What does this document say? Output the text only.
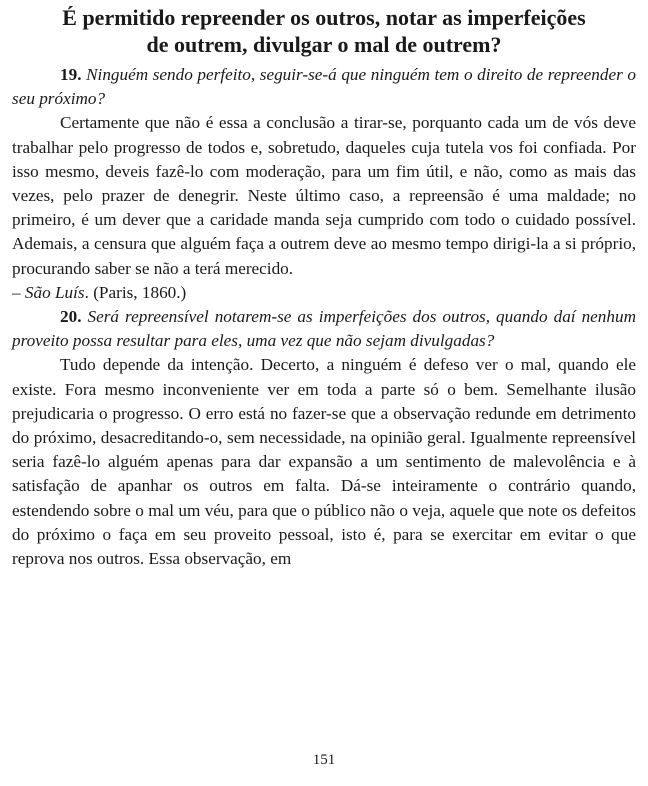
É permitido repreender os outros, notar as imperfeições
de outrem, divulgar o mal de outrem?

19. Ninguém sendo perfeito, seguir-se-á que ninguém tem o direito de repreender o seu próximo?

Certamente que não é essa a conclusão a tirar-se, porquanto cada um de vós deve trabalhar pelo progresso de todos e, sobretudo, daqueles cuja tutela vos foi confiada. Por isso mesmo, deveis fazê-lo com moderação, para um fim útil, e não, como as mais das vezes, pelo prazer de denegrir. Neste último caso, a repreensão é uma maldade; no primeiro, é um dever que a caridade manda seja cumprido com todo o cuidado possível. Ademais, a censura que alguém faça a outrem deve ao mesmo tempo dirigi-la a si próprio, procurando saber se não a terá merecido.
– São Luís. (Paris, 1860.)

20. Será repreensível notarem-se as imperfeições dos outros, quando daí nenhum proveito possa resultar para eles, uma vez que não sejam divulgadas?

Tudo depende da intenção. Decerto, a ninguém é defeso ver o mal, quando ele existe. Fora mesmo inconveniente ver em toda a parte só o bem. Semelhante ilusão prejudicaria o progresso. O erro está no fazer-se que a observação redunde em detrimento do próximo, desacreditando-o, sem necessidade, na opinião geral. Igualmente repreensível seria fazê-lo alguém apenas para dar expansão a um sentimento de malevolência e à satisfação de apanhar os outros em falta. Dá-se inteiramente o contrário quando, estendendo sobre o mal um véu, para que o público não o veja, aquele que note os defeitos do próximo o faça em seu proveito pessoal, isto é, para se exercitar em evitar o que reprova nos outros. Essa observação, em

151
